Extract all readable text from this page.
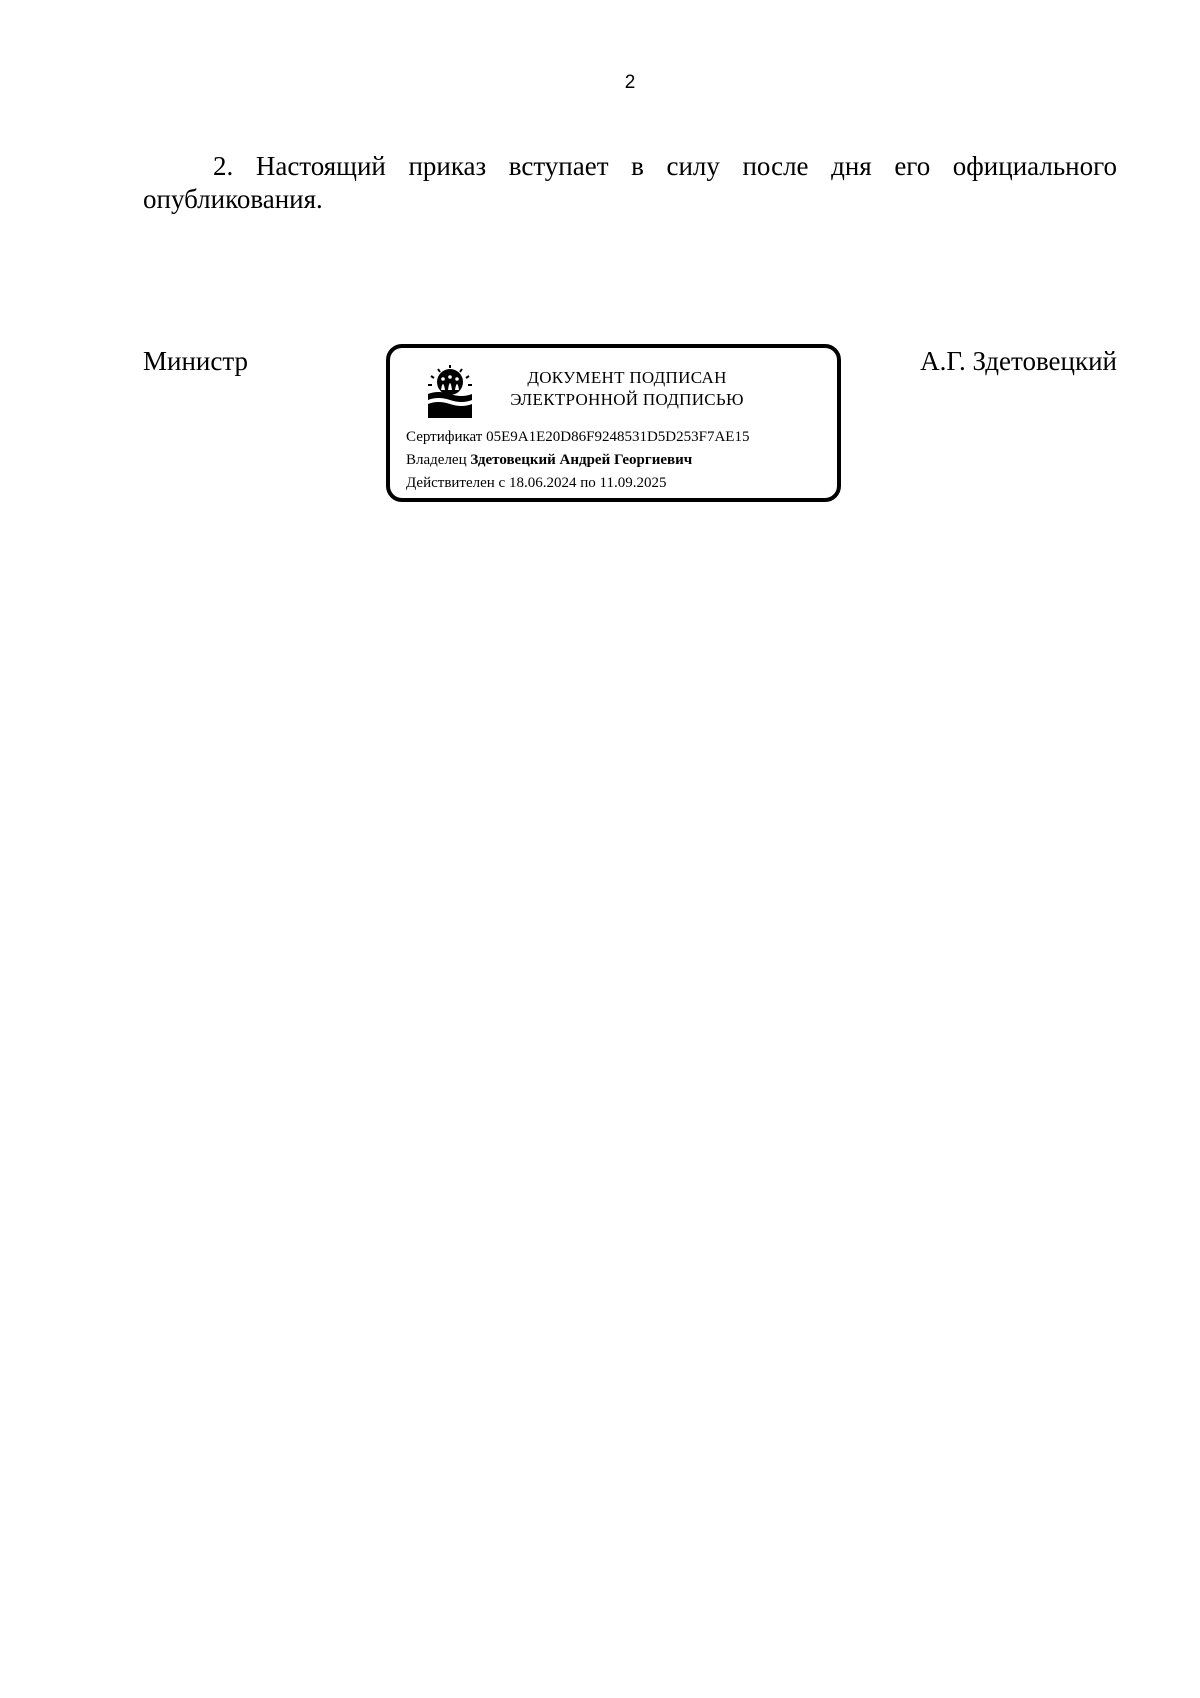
2

2. Настоящий приказ вступает в силу после дня его официального опубликования.

Министр
ДОКУМЕНТ ПОДПИСАН
ЭЛЕКТРОННОЙ ПОДПИСЬЮ
Сертификат 05E9A1E20D86F9248531D5D253F7AE15
Владелец Здетовецкий Андрей Георгиевич
Действителен с 18.06.2024 по 11.09.2025
А.Г. Здетовецкий
